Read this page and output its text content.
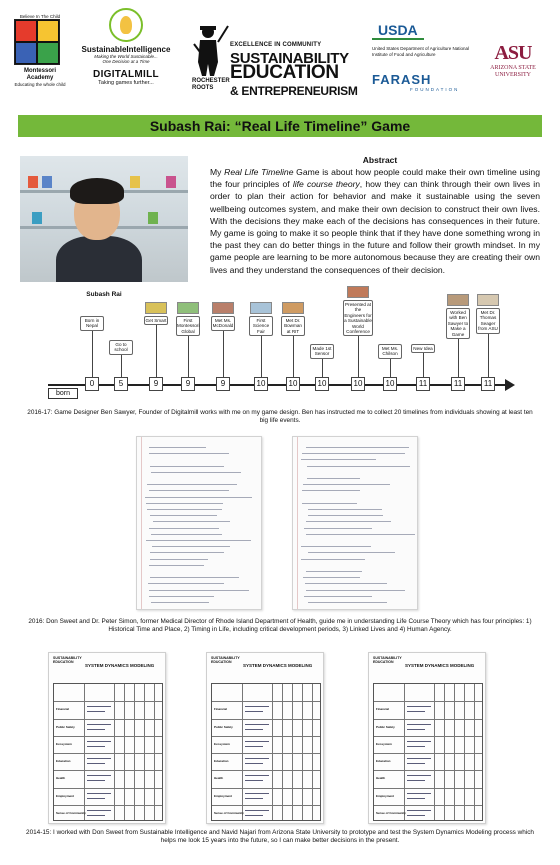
Believe In The Child
Montessori Academy
Educating the whole child
SustainableIntelligence
Making the World Sustainable...
One Decision at a Time
DIGITALMILL
Taking games further...
EXCELLENCE IN COMMUNITY
SUSTAINABILITY
EDUCATION
& ENTREPRENEURISM
ROCHESTER ROOTS
USDA
United States Department of Agriculture National Institute of Food and Agriculture
FARASH
FOUNDATION
ASU
ARIZONA STATE UNIVERSITY
Subash Rai: “Real Life Timeline” Game
Subash Rai
Abstract
My Real Life Timeline Game is about how people could make their own timeline using the four principles of life course theory, how they can think through their own lives in order to plan their action for behavior and make it sustainable using the seven wellbeing outcomes system, and make their own decision to construct their own lives. With the decisions they make each of the decisions has consequences in their future. My game is going to make it so people think that if they have done something wrong in the past they can do better things in the future and follow their growth mindset. In my game people are learning to be more autonomous because they are creating their own lives and they understand the consequences of their decision.
born
Born in Nepal
0
Go to school
5
Get Smart
9
First Montessori Global
9
Met Ms. McDonald
9
First Science Fair
10
Met Dr. Bowman at RIT
10
Made 1st Sensor
10
Presented at the Engineers for a Sustainable World Conference
10
Met Ms. Chilson
10
New Idea
11
Worked with Ben Sawyer to Make a Game
11
Met Dr. Thomas Seager from ASU
11
2016-17: Game Designer Ben Sawyer, Founder of Digitalmill works with me on my game design. Ben has instructed me to collect 20 timelines from individuals showing at least ten big life events.
2016: Don Sweet and Dr. Peter Simon, former Medical Director of Rhode Island Department of Health, guide me in understanding Life Course Theory which has four principles: 1) Historical Time and Place, 2) Timing in Life, including critical development periods, 3) Linked Lives and 4) Human Agency.
SUSTAINABILITY
EDUCATION
SYSTEM DYNAMICS MODELING
Financial
Public Safety
Ecosystem
Education
Health
Employment
Sense of Community
SUSTAINABILITY
EDUCATION
SYSTEM DYNAMICS MODELING
Financial
Public Safety
Ecosystem
Education
Health
Employment
Sense of Community
SUSTAINABILITY
EDUCATION
SYSTEM DYNAMICS MODELING
Financial
Public Safety
Ecosystem
Education
Health
Employment
Sense of Community
2014-15: I worked with Don Sweet from Sustainable Intelligence and Navid Najari from Arizona State University to prototype and test the System Dynamics Modeling process which helps me look 15 years into the future, so I can make better decisions in the present.
